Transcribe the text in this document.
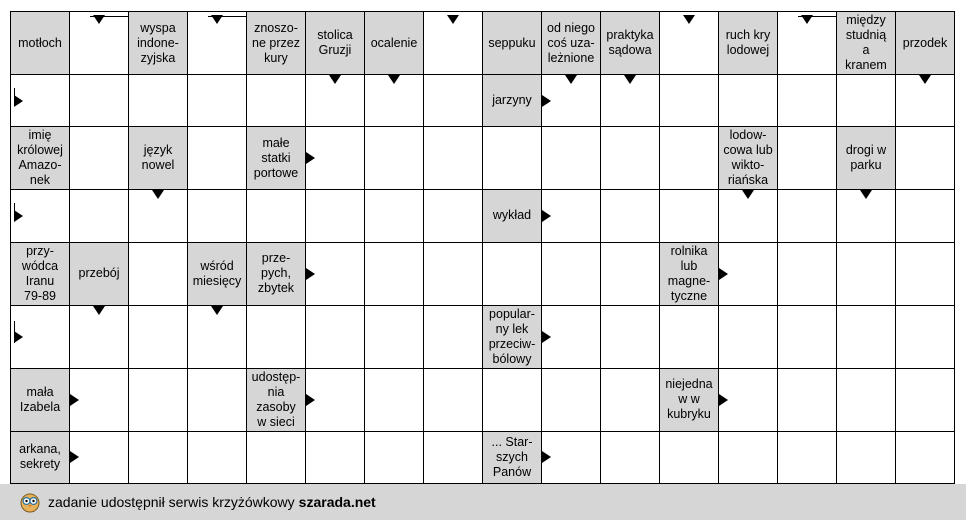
motłoch
wyspa
indone-
zyjska
znoszo-
ne przez
kury
stolica
Gruzji
ocalenie	seppuku
od niego
coś uza-
leżnione
praktyka
sądowa
ruch kry
lodowej
między
studnią
a
kranem
przodek
jarzyny
imię
królowej
Amazo-
nek
język
nowel
małe
statki
portowe
lodow-
cowa lub
wikto-
riańska
drogi w
parku
wykład
przy-
wódca
Iranu
79-89
przebój
wśród
miesięcy
prze-
pych,
zbytek
rolnika
lub
magne-
tyczne
popular-
ny lek
przeciw-
bólowy
mała
Izabela
udostęp-
nia
zasoby
w sieci
niejedna
w w
kubryku
arkana,
sekrety
... Star-
szych
Panów
zadanie udostępnił serwis krzyżówkowy szarada.net
